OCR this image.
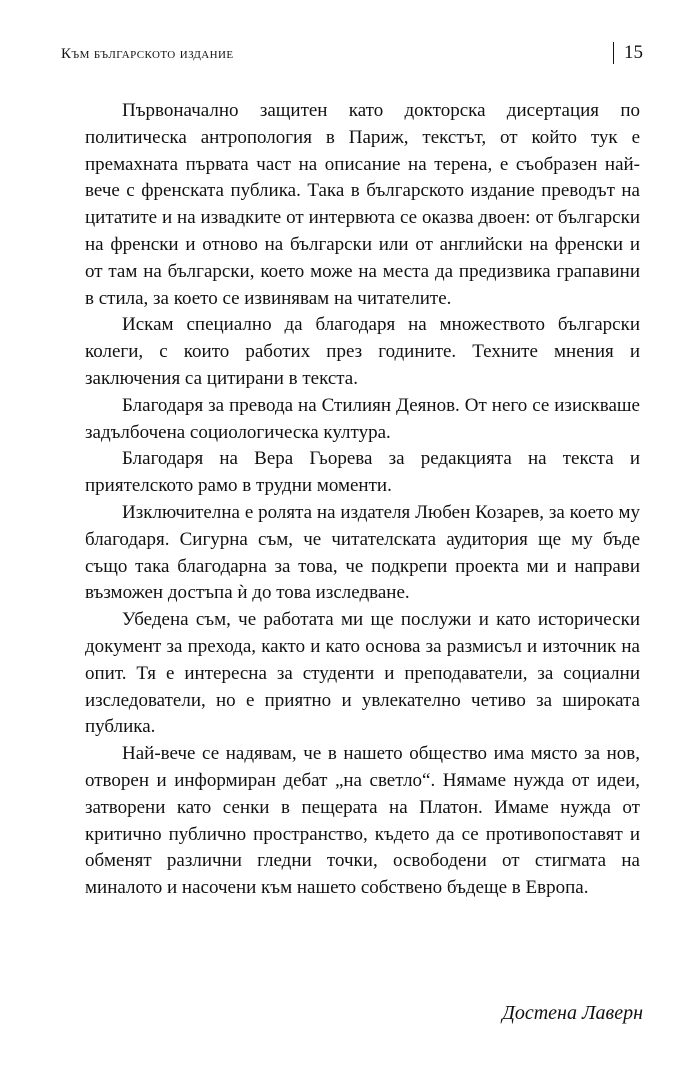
Към българското издание	15

Първоначално защитен като докторска дисертация по политическа антропология в Париж, текстът, от който тук е премахната първата част на описание на терена, е съобразен най-вече с френската публика. Така в българското издание преводът на цитатите и на извадките от интервюта се оказва двоен: от български на френски и отново на български или от английски на френски и от там на български, което може на места да предизвика грапавини в стила, за което се извинявам на читателите.

Искам специално да благодаря на множеството български колеги, с които работих през годините. Техните мнения и заключения са цитирани в текста.

Благодаря за превода на Стилиян Деянов. От него се изискваше задълбочена социологическа култура.

Благодаря на Вера Гьорева за редакцията на текста и приятелското рамо в трудни моменти.

Изключителна е ролята на издателя Любен Козарев, за което му благодаря. Сигурна съм, че читателската аудитория ще му бъде също така благодарна за това, че подкрепи проекта ми и направи възможен достъпа ѝ до това изследване.

Убедена съм, че работата ми ще послужи и като исторически документ за прехода, както и като основа за размисъл и източник на опит. Тя е интересна за студенти и преподаватели, за социални изследователи, но е приятно и увлекателно четиво за широката публика.

Най-вече се надявам, че в нашето общество има място за нов, отворен и информиран дебат „на светло“. Нямаме нужда от идеи, затворени като сенки в пещерата на Платон. Имаме нужда от критично публично пространство, където да се противопоставят и обменят различни гледни точки, освободени от стигмата на миналото и насочени към нашето собствено бъдеще в Европа.

Достена Лаверн
